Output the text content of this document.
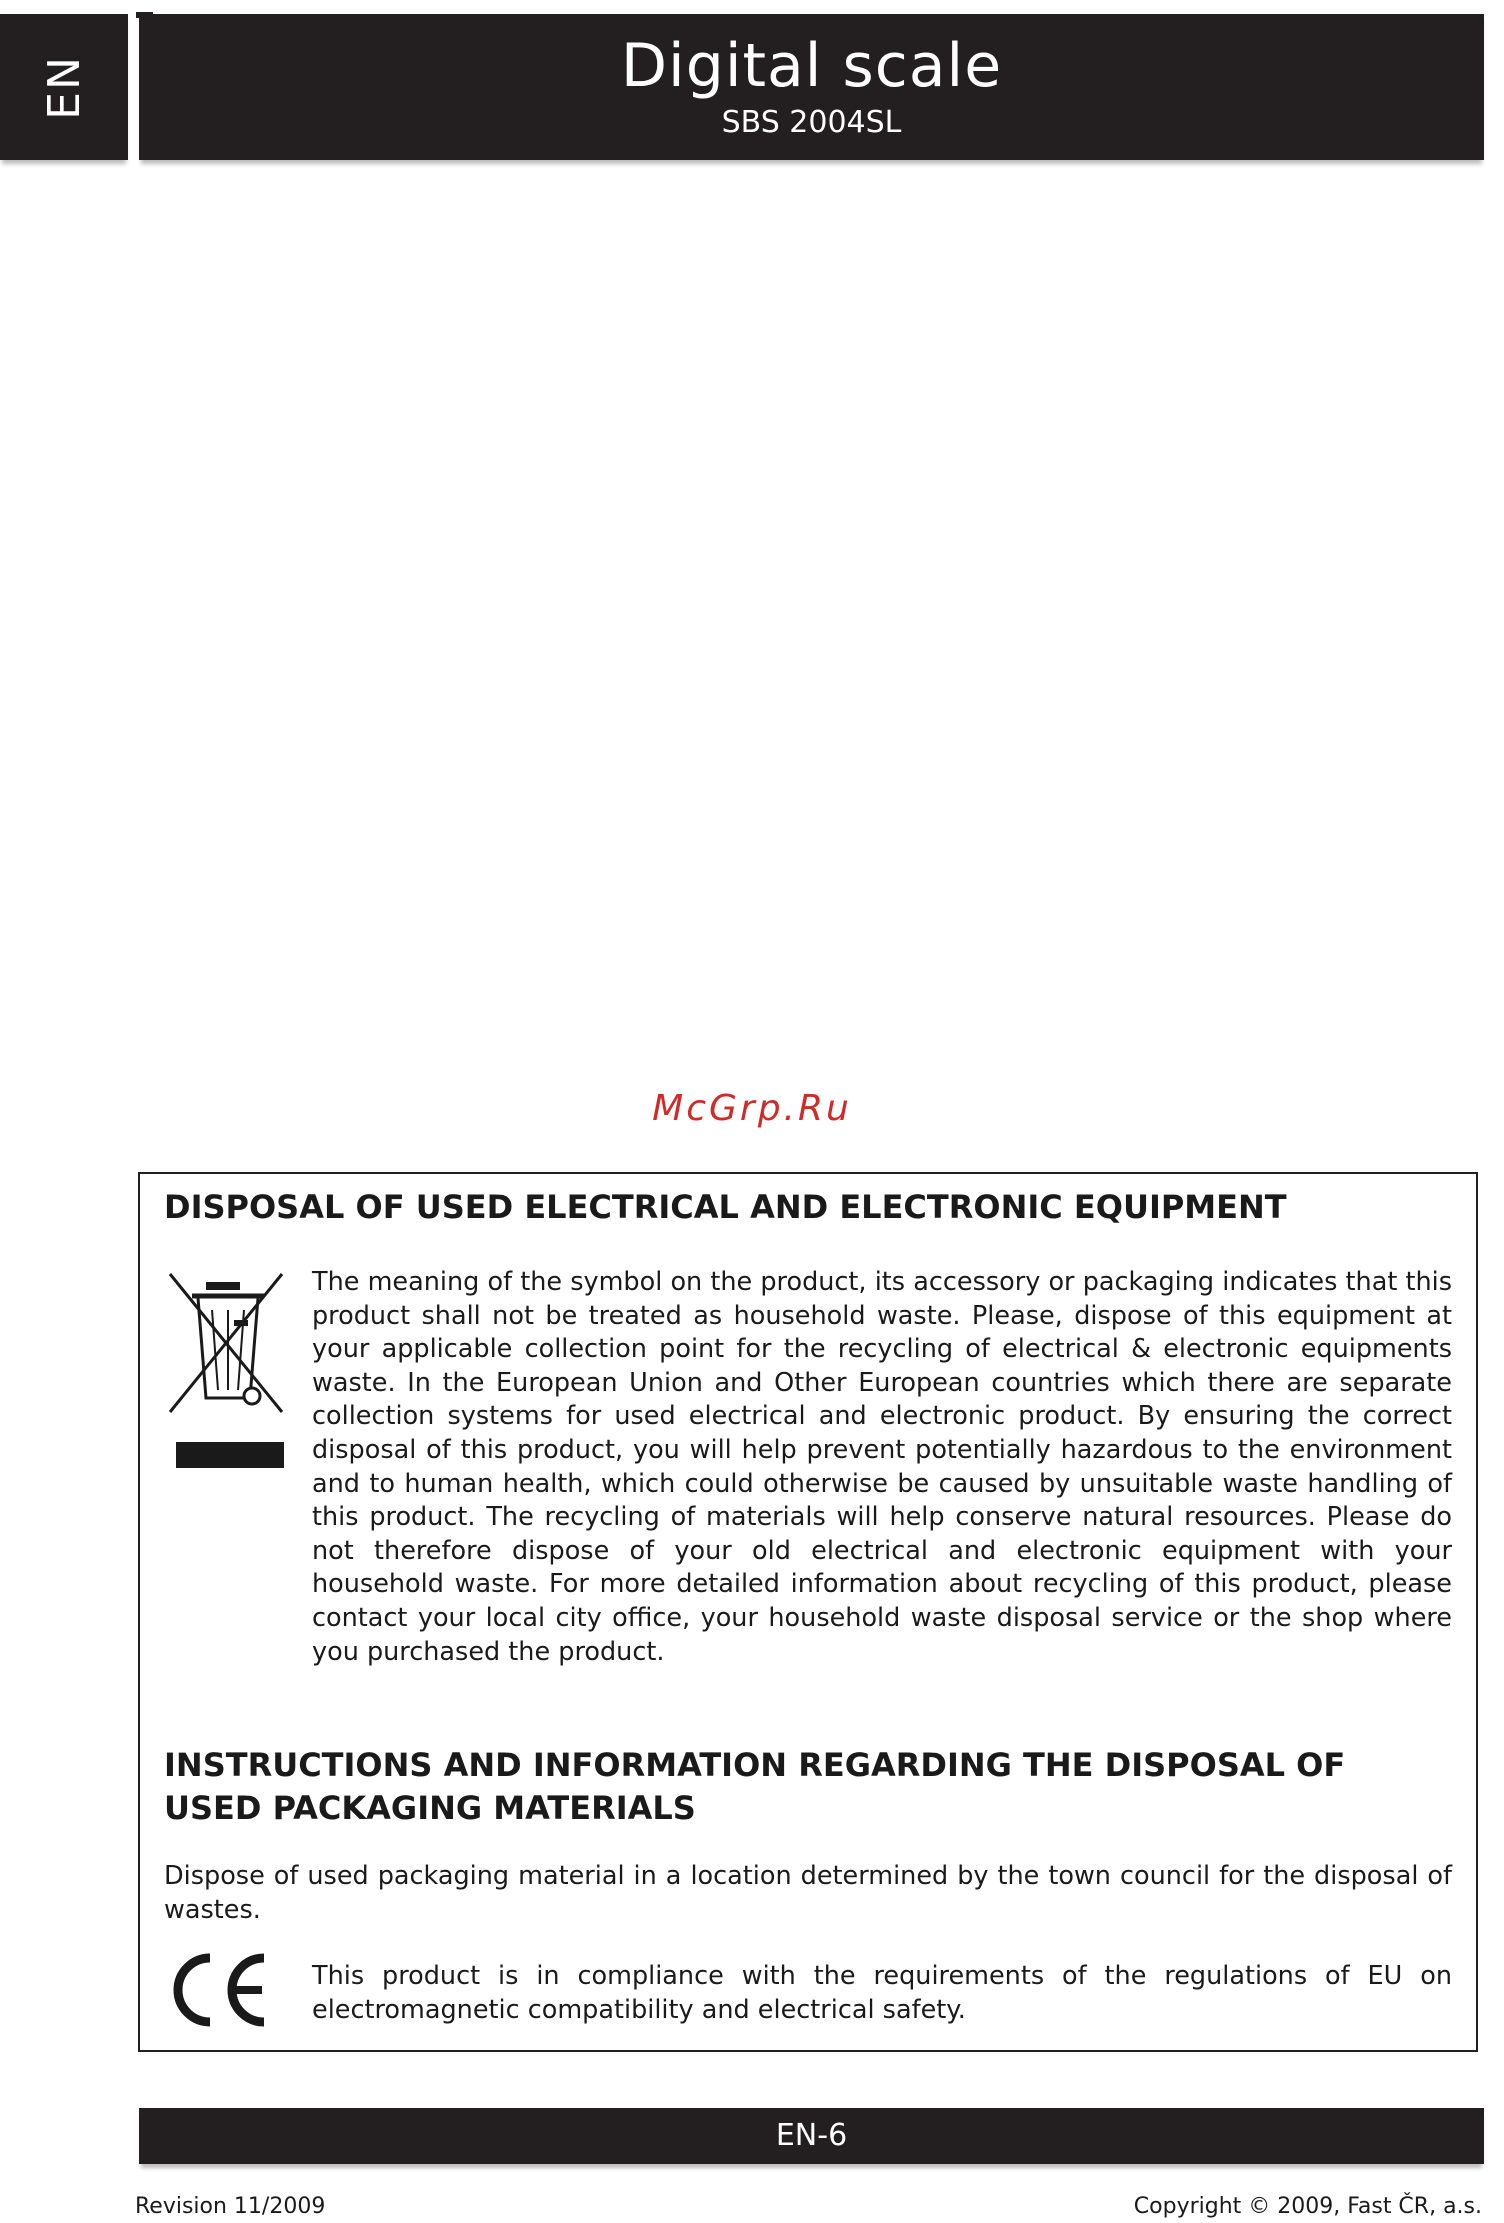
EN	Digital scale
SBS 2004SL
McGrp.Ru
DISPOSAL OF USED ELECTRICAL AND ELECTRONIC EQUIPMENT

The meaning of the symbol on the product, its accessory or packaging indicates that this product shall not be treated as household waste. Please, dispose of this equipment at your applicable collection point for the recycling of electrical & electronic equipments waste. In the European Union and Other European countries which there are separate collection systems for used electrical and electronic product. By ensuring the correct disposal of this product, you will help prevent potentially hazardous to the environment and to human health, which could otherwise be caused by unsuitable waste handling of this product. The recycling of materials will help conserve natural resources. Please do not therefore dispose of your old electrical and electronic equipment with your household waste. For more detailed information about recycling of this product, please contact your local city office, your household waste disposal service or the shop where you purchased the product.

INSTRUCTIONS AND INFORMATION REGARDING THE DISPOSAL OF USED PACKAGING MATERIALS

Dispose of used packaging material in a location determined by the town council for the disposal of wastes.

This product is in compliance with the requirements of the regulations of EU on electromagnetic compatibility and electrical safety.

EN-6
Revision 11/2009	Copyright © 2009, Fast ČR, a.s.
